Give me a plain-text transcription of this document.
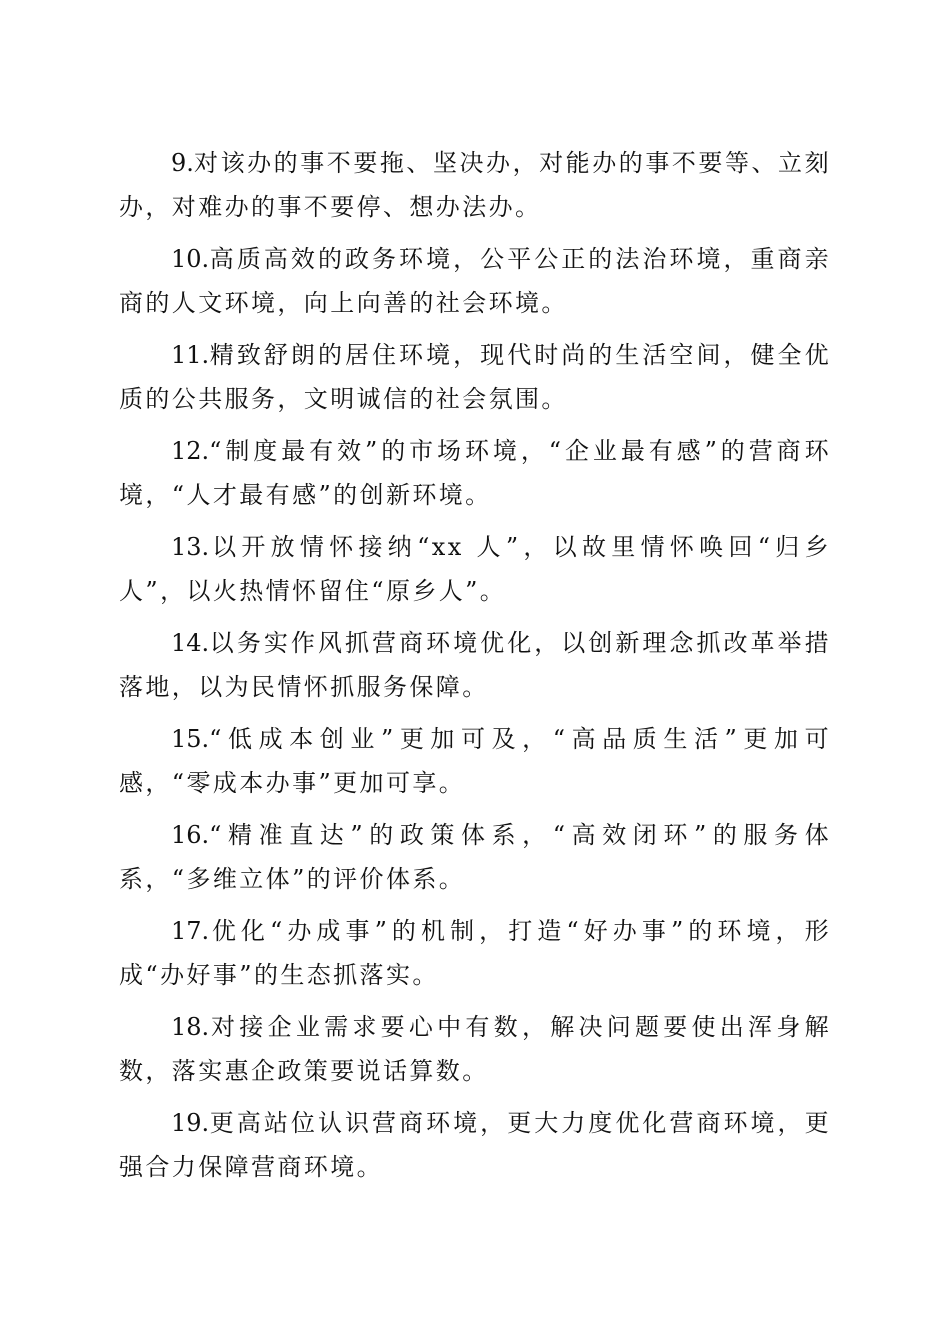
9.对该办的事不要拖、坚决办，对能办的事不要等、立刻办，对难办的事不要停、想办法办。

10.高质高效的政务环境，公平公正的法治环境，重商亲商的人文环境，向上向善的社会环境。

11.精致舒朗的居住环境，现代时尚的生活空间，健全优质的公共服务，文明诚信的社会氛围。

12.“制度最有效”的市场环境，“企业最有感”的营商环境，“人才最有感”的创新环境。

13.以开放情怀接纳“xx 人”，以故里情怀唤回“归乡人”，以火热情怀留住“原乡人”。

14.以务实作风抓营商环境优化，以创新理念抓改革举措落地，以为民情怀抓服务保障。

15.“低成本创业”更加可及，“高品质生活”更加可感，“零成本办事”更加可享。

16.“精准直达”的政策体系，“高效闭环”的服务体系，“多维立体”的评价体系。

17.优化“办成事”的机制，打造“好办事”的环境，形成“办好事”的生态抓落实。

18.对接企业需求要心中有数，解决问题要使出浑身解数，落实惠企政策要说话算数。

19.更高站位认识营商环境，更大力度优化营商环境，更强合力保障营商环境。
